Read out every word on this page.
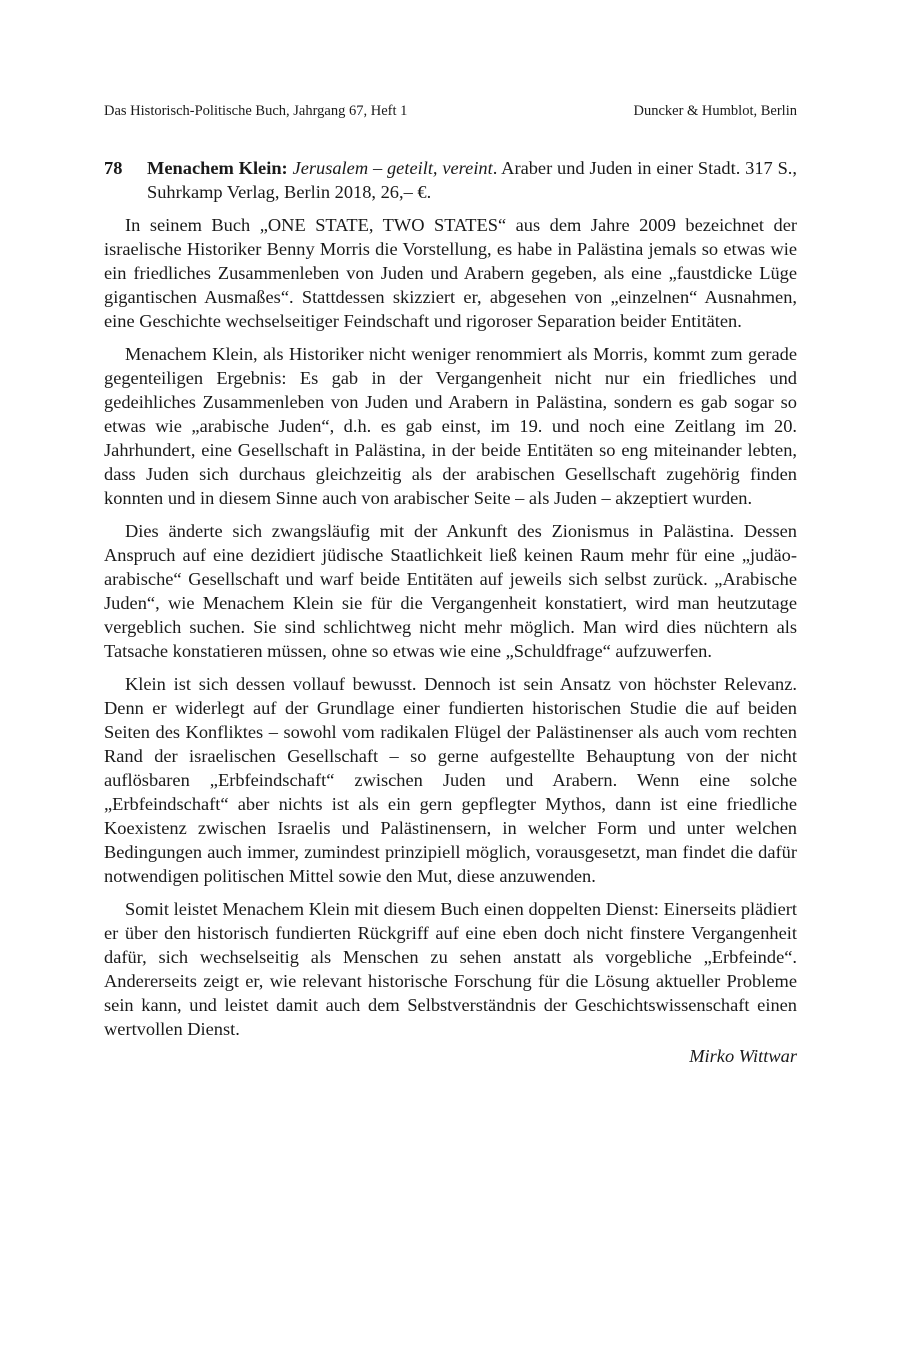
Das Historisch-Politische Buch, Jahrgang 67, Heft 1	Duncker & Humblot, Berlin
78	Menachem Klein: Jerusalem – geteilt, vereint. Araber und Juden in einer Stadt. 317 S., Suhrkamp Verlag, Berlin 2018, 26,– €.

In seinem Buch „ONE STATE, TWO STATES“ aus dem Jahre 2009 bezeichnet der israelische Historiker Benny Morris die Vorstellung, es habe in Palästina jemals so etwas wie ein friedliches Zusammenleben von Juden und Arabern gegeben, als eine „faustdicke Lüge gigantischen Ausmaßes“. Stattdessen skizziert er, abgesehen von „einzelnen“ Ausnahmen, eine Geschichte wechselseitiger Feindschaft und rigoroser Separation beider Entitäten.

Menachem Klein, als Historiker nicht weniger renommiert als Morris, kommt zum gerade gegenteiligen Ergebnis: Es gab in der Vergangenheit nicht nur ein friedliches und gedeihliches Zusammenleben von Juden und Arabern in Palästina, sondern es gab sogar so etwas wie „arabische Juden“, d.h. es gab einst, im 19. und noch eine Zeitlang im 20. Jahrhundert, eine Gesellschaft in Palästina, in der beide Entitäten so eng miteinander lebten, dass Juden sich durchaus gleichzeitig als der arabischen Gesellschaft zugehörig finden konnten und in diesem Sinne auch von arabischer Seite – als Juden – akzeptiert wurden.

Dies änderte sich zwangsläufig mit der Ankunft des Zionismus in Palästina. Dessen Anspruch auf eine dezidiert jüdische Staatlichkeit ließ keinen Raum mehr für eine „judäo-arabische“ Gesellschaft und warf beide Entitäten auf jeweils sich selbst zurück. „Arabische Juden“, wie Menachem Klein sie für die Vergangenheit konstatiert, wird man heutzutage vergeblich suchen. Sie sind schlichtweg nicht mehr möglich. Man wird dies nüchtern als Tatsache konstatieren müssen, ohne so etwas wie eine „Schuldfrage“ aufzuwerfen.

Klein ist sich dessen vollauf bewusst. Dennoch ist sein Ansatz von höchster Relevanz. Denn er widerlegt auf der Grundlage einer fundierten historischen Studie die auf beiden Seiten des Konfliktes – sowohl vom radikalen Flügel der Palästinenser als auch vom rechten Rand der israelischen Gesellschaft – so gerne aufgestellte Behauptung von der nicht auflösbaren „Erbfeindschaft“ zwischen Juden und Arabern. Wenn eine solche „Erbfeindschaft“ aber nichts ist als ein gern gepflegter Mythos, dann ist eine friedliche Koexistenz zwischen Israelis und Palästinensern, in welcher Form und unter welchen Bedingungen auch immer, zumindest prinzipiell möglich, vorausgesetzt, man findet die dafür notwendigen politischen Mittel sowie den Mut, diese anzuwenden.

Somit leistet Menachem Klein mit diesem Buch einen doppelten Dienst: Einerseits plädiert er über den historisch fundierten Rückgriff auf eine eben doch nicht finstere Vergangenheit dafür, sich wechselseitig als Menschen zu sehen anstatt als vorgebliche „Erbfeinde“. Andererseits zeigt er, wie relevant historische Forschung für die Lösung aktueller Probleme sein kann, und leistet damit auch dem Selbstverständnis der Geschichtswissenschaft einen wertvollen Dienst.

Mirko Wittwar
